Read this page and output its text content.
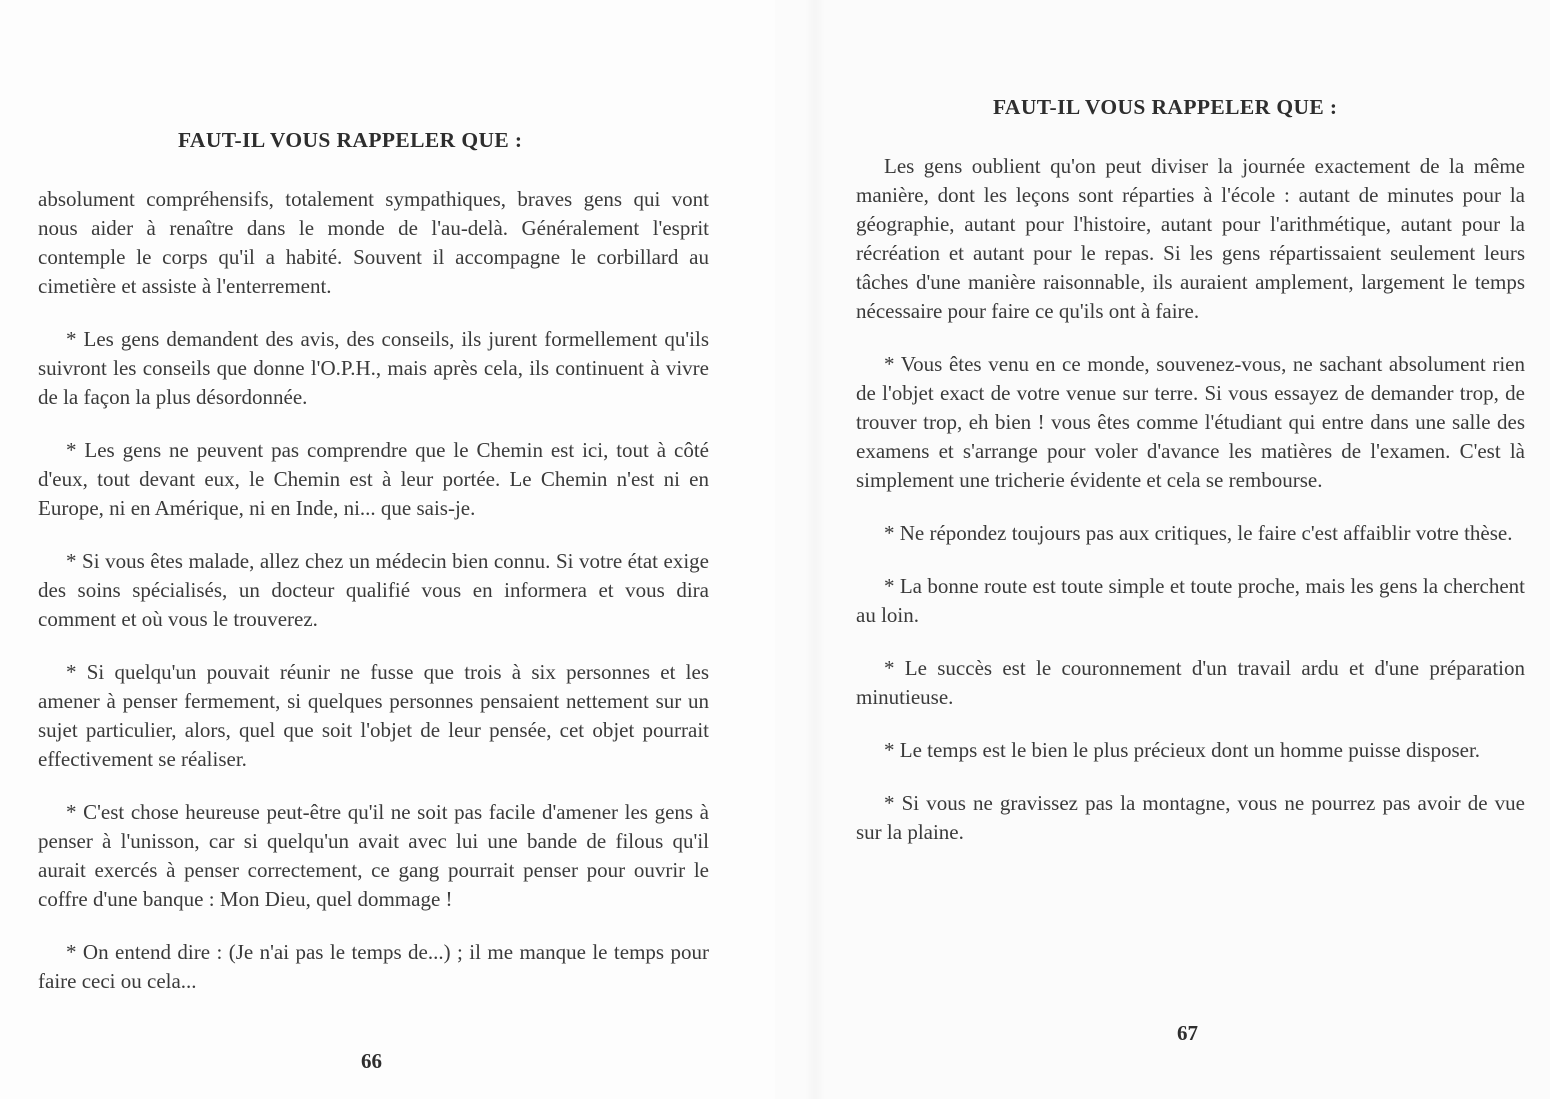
FAUT-IL VOUS RAPPELER QUE :

absolument compréhensifs, totalement sympathiques, braves gens qui vont nous aider à renaître dans le monde de l'au-delà. Généralement l'esprit contemple le corps qu'il a habité. Souvent il accompagne le corbillard au cimetière et assiste à l'enterrement.

* Les gens demandent des avis, des conseils, ils jurent formellement qu'ils suivront les conseils que donne l'O.P.H., mais après cela, ils continuent à vivre de la façon la plus désordonnée.

* Les gens ne peuvent pas comprendre que le Chemin est ici, tout à côté d'eux, tout devant eux, le Chemin est à leur portée. Le Chemin n'est ni en Europe, ni en Amérique, ni en Inde, ni... que sais-je.

* Si vous êtes malade, allez chez un médecin bien connu. Si votre état exige des soins spécialisés, un docteur qualifié vous en informera et vous dira comment et où vous le trouverez.

* Si quelqu'un pouvait réunir ne fusse que trois à six personnes et les amener à penser fermement, si quelques personnes pensaient nettement sur un sujet particulier, alors, quel que soit l'objet de leur pensée, cet objet pourrait effectivement se réaliser.

* C'est chose heureuse peut-être qu'il ne soit pas facile d'amener les gens à penser à l'unisson, car si quelqu'un avait avec lui une bande de filous qu'il aurait exercés à penser correctement, ce gang pourrait penser pour ouvrir le coffre d'une banque : Mon Dieu, quel dommage !

* On entend dire : (Je n'ai pas le temps de...) ; il me manque le temps pour faire ceci ou cela...

66
FAUT-IL VOUS RAPPELER QUE :

Les gens oublient qu'on peut diviser la journée exactement de la même manière, dont les leçons sont réparties à l'école : autant de minutes pour la géographie, autant pour l'histoire, autant pour l'arithmétique, autant pour la récréation et autant pour le repas. Si les gens répartissaient seulement leurs tâches d'une manière raisonnable, ils auraient amplement, largement le temps nécessaire pour faire ce qu'ils ont à faire.

* Vous êtes venu en ce monde, souvenez-vous, ne sachant absolument rien de l'objet exact de votre venue sur terre. Si vous essayez de demander trop, de trouver trop, eh bien ! vous êtes comme l'étudiant qui entre dans une salle des examens et s'arrange pour voler d'avance les matières de l'examen. C'est là simplement une tricherie évidente et cela se rembourse.

* Ne répondez toujours pas aux critiques, le faire c'est affaiblir votre thèse.

* La bonne route est toute simple et toute proche, mais les gens la cherchent au loin.

* Le succès est le couronnement d'un travail ardu et d'une préparation minutieuse.

* Le temps est le bien le plus précieux dont un homme puisse disposer.

* Si vous ne gravissez pas la montagne, vous ne pourrez pas avoir de vue sur la plaine.

67
